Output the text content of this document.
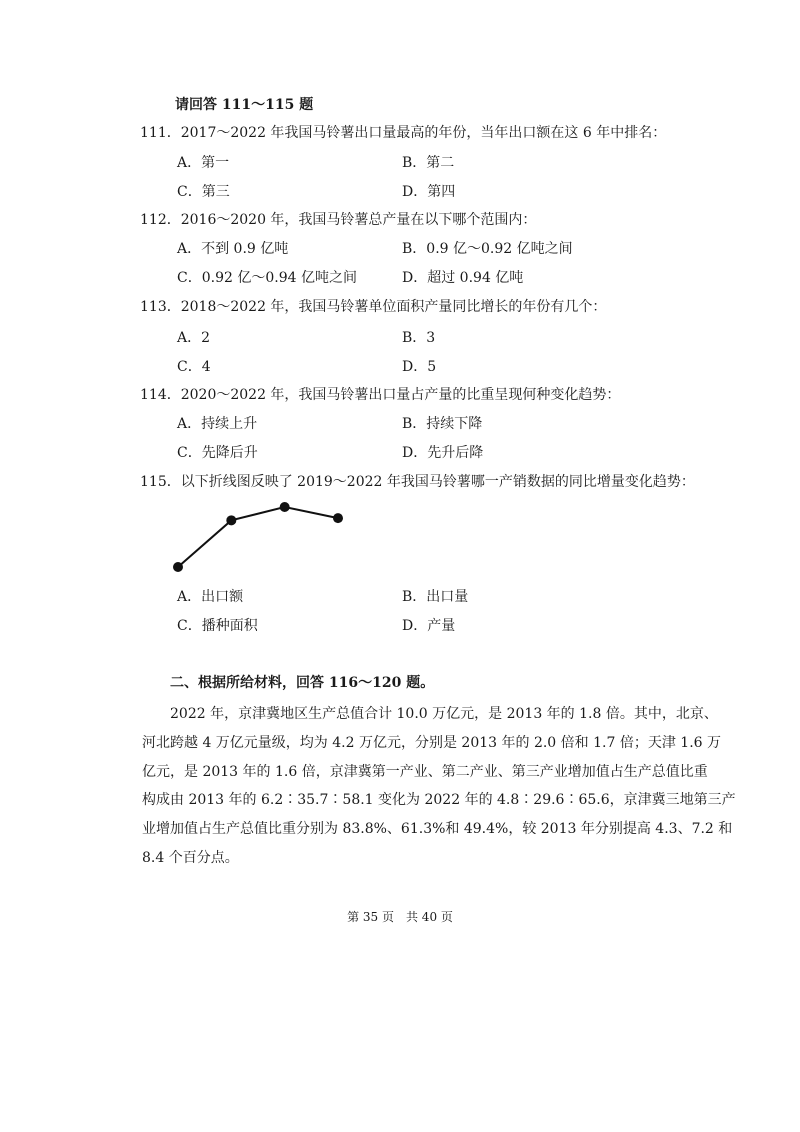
请回答 111～115 题
111．2017～2022 年我国马铃薯出口量最高的年份，当年出口额在这 6 年中排名：
A．第一	B．第二
C．第三	D．第四
112．2016～2020 年，我国马铃薯总产量在以下哪个范围内：
A．不到 0.9 亿吨	B．0.9 亿～0.92 亿吨之间
C．0.92 亿～0.94 亿吨之间	D．超过 0.94 亿吨
113．2018～2022 年，我国马铃薯单位面积产量同比增长的年份有几个：
A．2	B．3
C．4	D．5
114．2020～2022 年，我国马铃薯出口量占产量的比重呈现何种变化趋势：
A．持续上升	B．持续下降
C．先降后升	D．先升后降
115．以下折线图反映了 2019～2022 年我国马铃薯哪一产销数据的同比增量变化趋势：
A．出口额	B．出口量
C．播种面积	D．产量
二、根据所给材料，回答 116～120 题。
2022 年，京津冀地区生产总值合计 10.0 万亿元，是 2013 年的 1.8 倍。其中，北京、
河北跨越 4 万亿元量级，均为 4.2 万亿元，分别是 2013 年的 2.0 倍和 1.7 倍；天津 1.6 万
亿元，是 2013 年的 1.6 倍，京津冀第一产业、第二产业、第三产业增加值占生产总值比重
构成由 2013 年的 6.2∶35.7∶58.1 变化为 2022 年的 4.8∶29.6∶65.6，京津冀三地第三产
业增加值占生产总值比重分别为 83.8%、61.3%和 49.4%，较 2013 年分别提高 4.3、7.2 和
8.4 个百分点。
第 35 页　共 40 页
